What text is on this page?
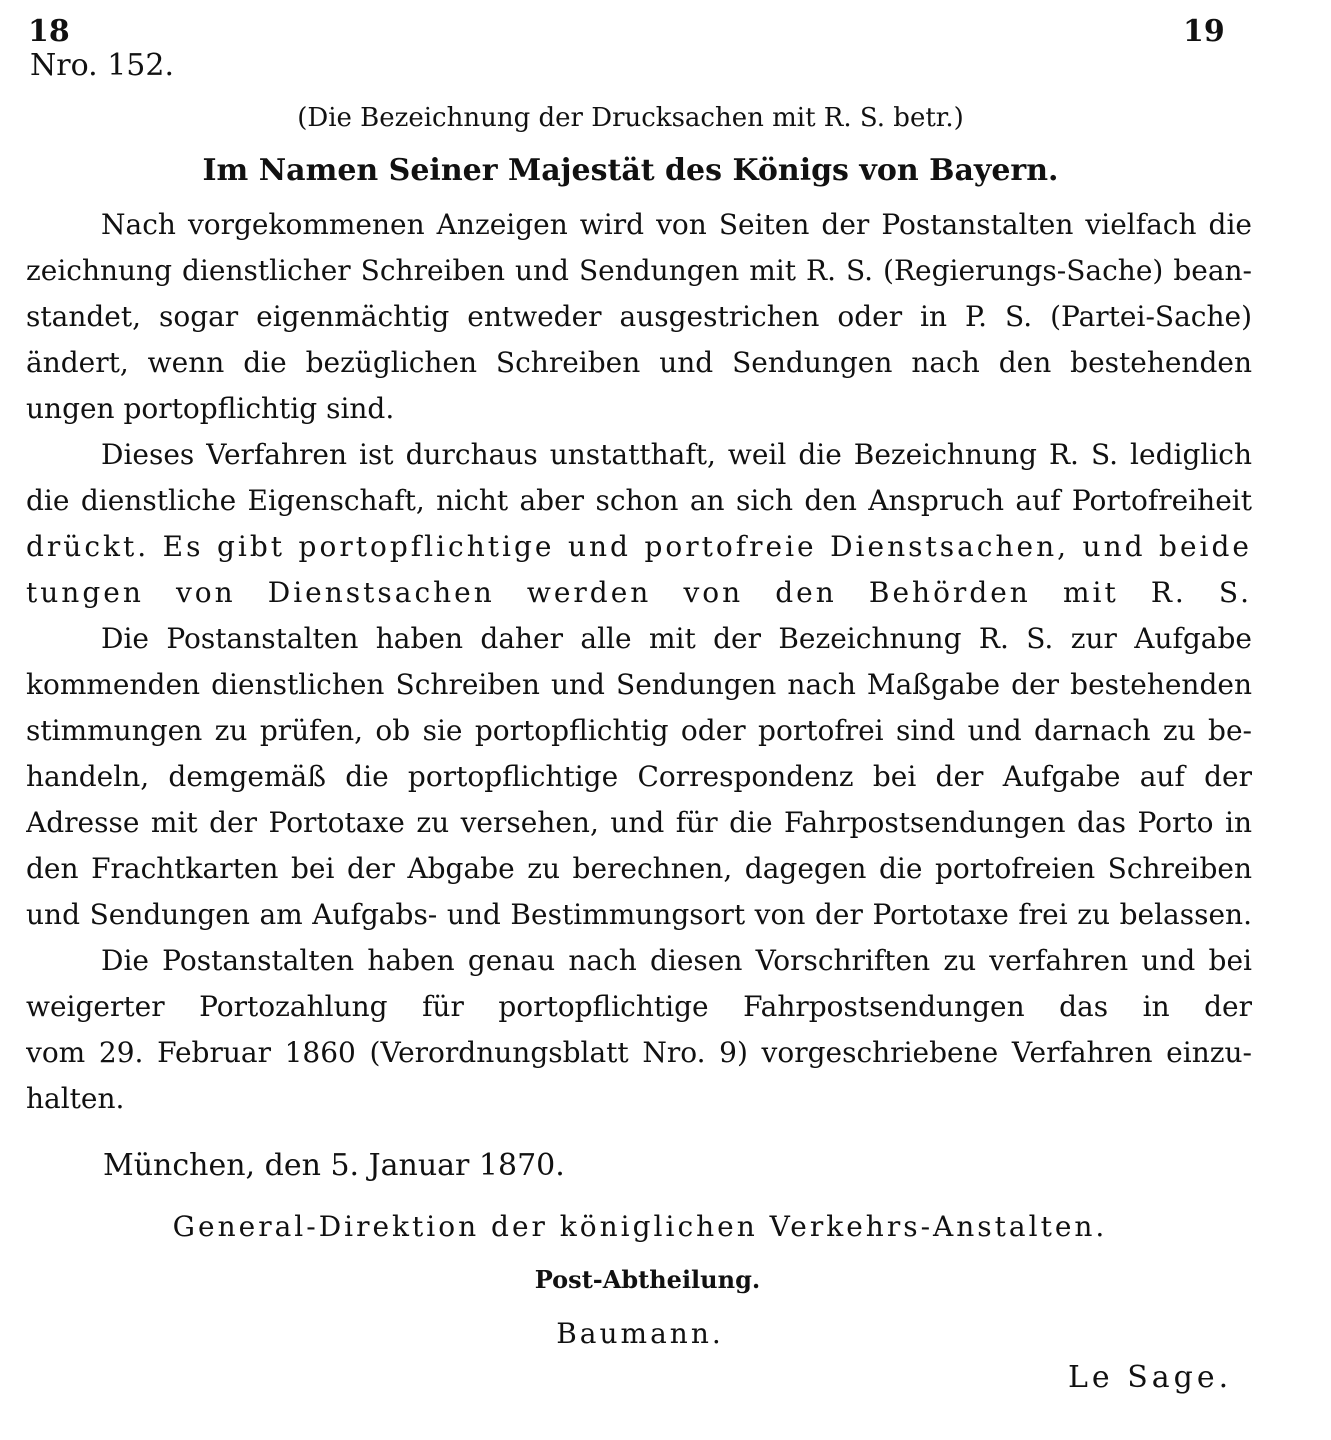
18	19
Nro. 152.
(Die Bezeichnung der Drucksachen mit R. S. betr.)
Im Namen Seiner Majestät des Königs von Bayern.
Nach vorgekommenen Anzeigen wird von Seiten der Postanstalten vielfach die
zeichnung dienstlicher Schreiben und Sendungen mit R. S. (Regierungs-Sache) bean-
standet, sogar eigenmächtig entweder ausgestrichen oder in P. S. (Partei-Sache)
ändert, wenn die bezüglichen Schreiben und Sendungen nach den bestehenden
ungen portopflichtig sind.
Dieses Verfahren ist durchaus unstatthaft, weil die Bezeichnung R. S. lediglich
die dienstliche Eigenschaft, nicht aber schon an sich den Anspruch auf Portofreiheit
drückt. Es gibt portopflichtige und portofreie Dienstsachen, und beide
tungen von Dienstsachen werden von den Behörden mit R. S.
Die Postanstalten haben daher alle mit der Bezeichnung R. S. zur Aufgabe
kommenden dienstlichen Schreiben und Sendungen nach Maßgabe der bestehenden
stimmungen zu prüfen, ob sie portopflichtig oder portofrei sind und darnach zu be-
handeln, demgemäß die portopflichtige Correspondenz bei der Aufgabe auf der
Adresse mit der Portotaxe zu versehen, und für die Fahrpostsendungen das Porto in
den Frachtkarten bei der Abgabe zu berechnen, dagegen die portofreien Schreiben
und Sendungen am Aufgabs- und Bestimmungsort von der Portotaxe frei zu belassen.
Die Postanstalten haben genau nach diesen Vorschriften zu verfahren und bei
weigerter Portozahlung für portopflichtige Fahrpostsendungen das in der
vom 29. Februar 1860 (Verordnungsblatt Nro. 9) vorgeschriebene Verfahren einzu-
halten.
München, den 5. Januar 1870.
General-Direktion der königlichen Verkehrs-Anstalten.
Post-Abtheilung.
Baumann.
Le Sage.
